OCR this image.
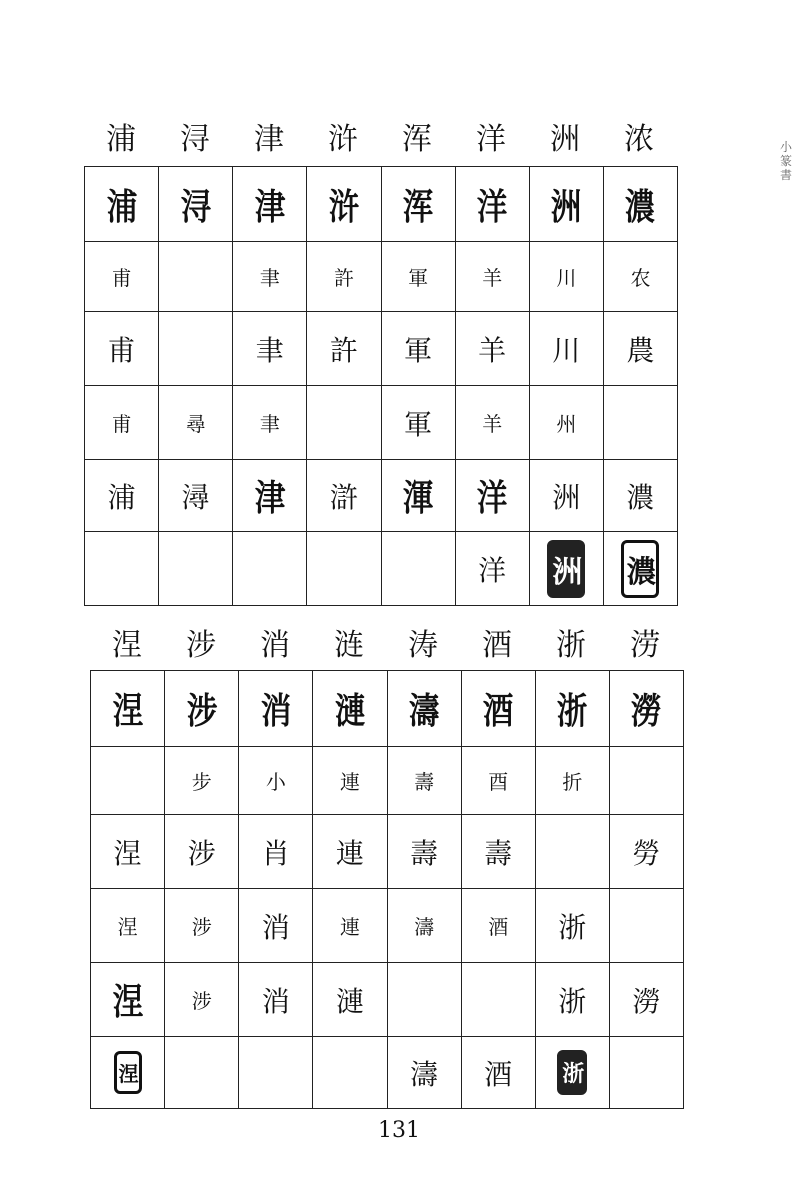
小篆書
浦	浔	津	浒	浑	洋	洲	浓
浦	浔	津	浒	浑	洋	洲	濃
甫		聿	許	軍	羊	川	农
甫		聿	許	軍	羊	川	農
甫	尋	聿		軍	羊	州	
浦	潯	津	滸	渾	洋	洲	濃
					洋	洲	濃
涅	涉	消	涟	涛	酒	浙	涝
涅	涉	消	漣	濤	酒	浙	澇
	步	小	連	壽	酉	折	
涅	涉	肖	連	壽	壽		勞
涅	涉	消	連	濤	酒	浙	
涅	涉	消	漣			浙	澇
涅				濤	酒	浙	
131
